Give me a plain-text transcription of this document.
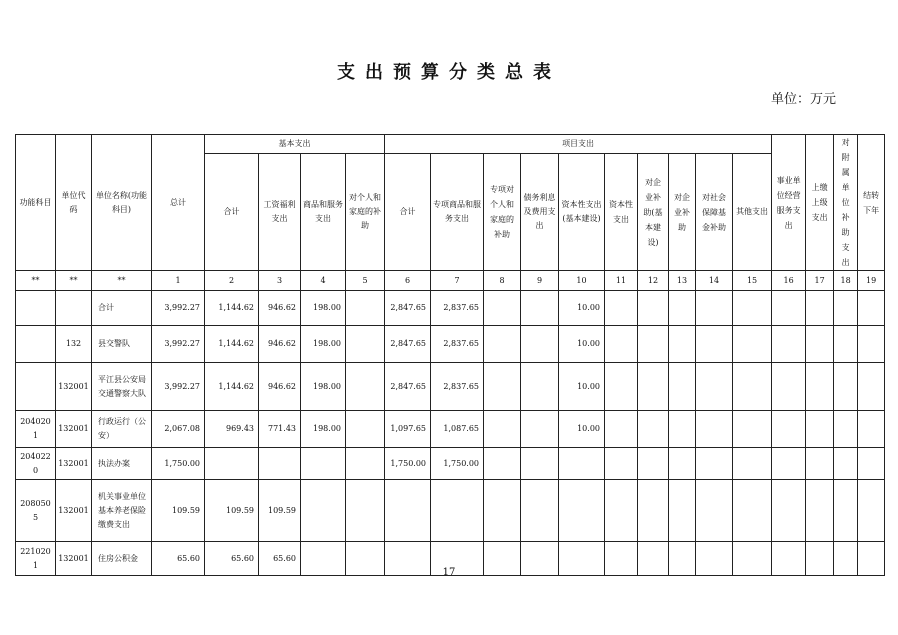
支出预算分类总表
单位：万元
功能科目	单位代码	单位名称(功能科目)	总计	基本支出				项目支出										事业单位经营服务支出	上缴上级支出	对附属单位补助支出	结转下年
				合计	工资福利支出	商品和服务支出	对个人和家庭的补助	合计	专项商品和服务支出	专项对个人和家庭的补助	债务利息及费用支出	资本性支出(基本建设)	资本性支出	对企业补助(基本建设)	对企业补助	对社会保障基金补助	其他支出				
**	**	**	1	2	3	4	5	6	7	8	9	10	11	12	13	14	15	16	17	18	19
		合计	3,992.27	1,144.62	946.62	198.00		2,847.65	2,837.65			10.00									
	132	县交警队	3,992.27	1,144.62	946.62	198.00		2,847.65	2,837.65			10.00									
	132001	平江县公安局交通警察大队	3,992.27	1,144.62	946.62	198.00		2,847.65	2,837.65			10.00									
2040201	132001	行政运行（公安）	2,067.08	969.43	771.43	198.00		1,097.65	1,087.65			10.00									
2040220	132001	执法办案	1,750.00					1,750.00	1,750.00												
2080505	132001	机关事业单位基本养老保险缴费支出	109.59	109.59	109.59																
2210201	132001	住房公积金	65.60	65.60	65.60																
17
